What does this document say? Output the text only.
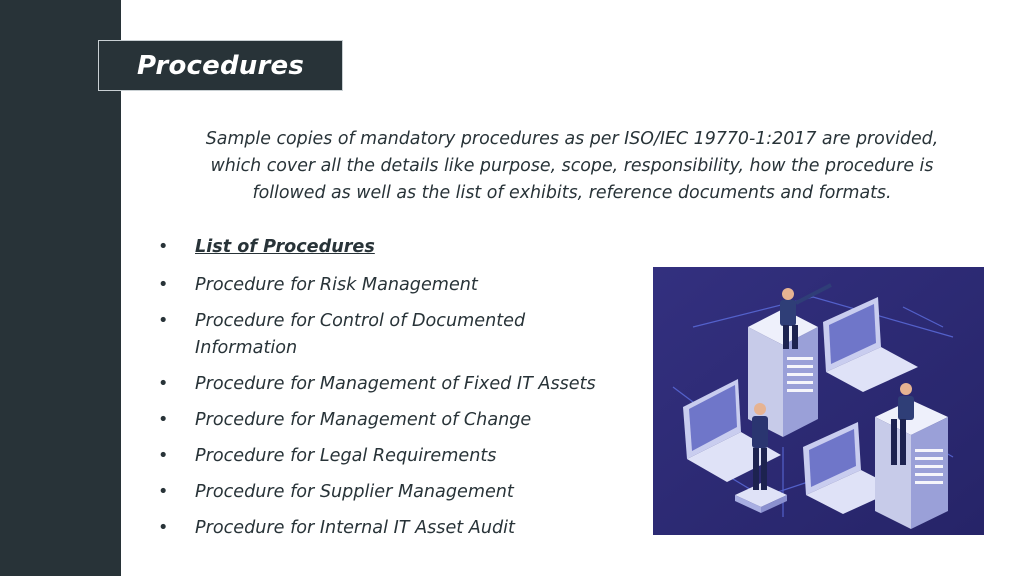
Procedures
Sample copies of mandatory procedures as per ISO/IEC 19770-1:2017 are provided, which cover all the details like purpose, scope, responsibility, how the procedure is followed as well as the list of exhibits, reference documents and formats.
• List of Procedures
• Procedure for Risk Management
• Procedure for Control of Documented Information
• Procedure for Management of Fixed IT Assets
• Procedure for Management of Change
• Procedure for Legal Requirements
• Procedure for Supplier Management
• Procedure for Internal IT Asset Audit
